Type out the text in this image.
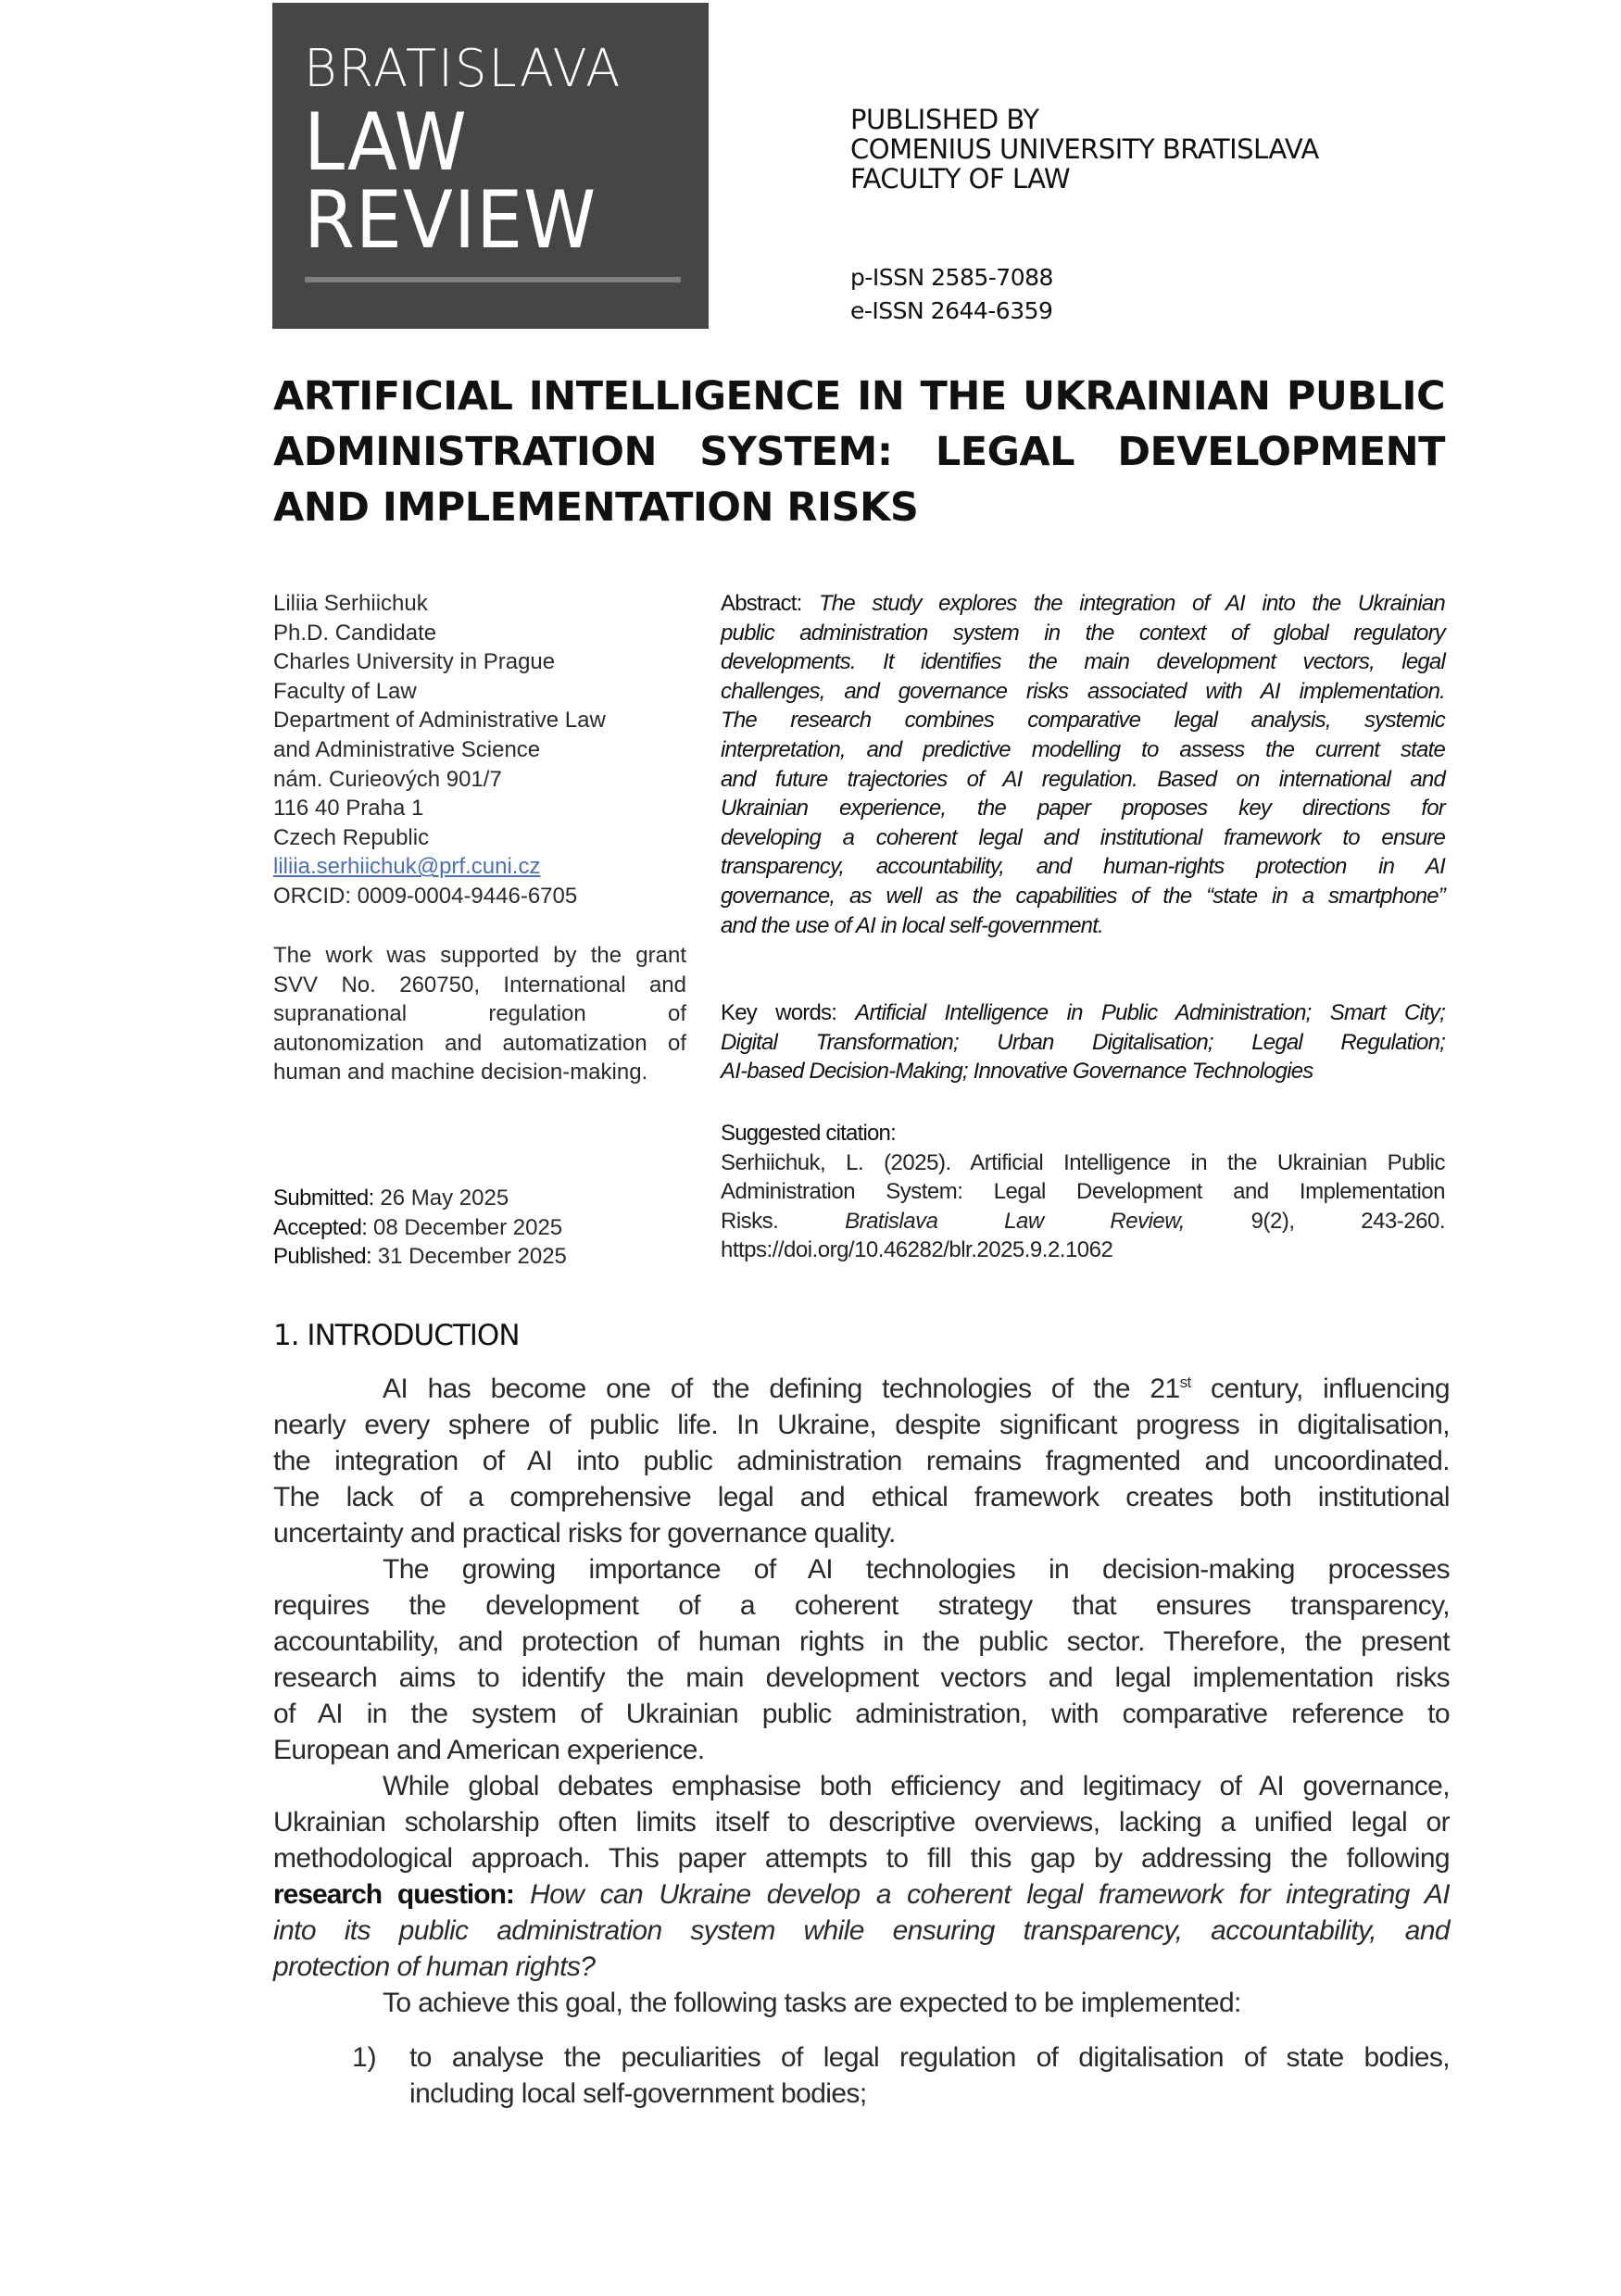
BRATISLAVA
LAW
REVIEW
PUBLISHED BY
COMENIUS UNIVERSITY BRATISLAVA
FACULTY OF LAW
p-ISSN 2585-7088
e-ISSN 2644-6359
ARTIFICIAL INTELLIGENCE IN THE UKRAINIAN PUBLIC
ADMINISTRATION SYSTEM: LEGAL DEVELOPMENT
AND IMPLEMENTATION RISKS
Liliia Serhiichuk
Ph.D. Candidate
Charles University in Prague
Faculty of Law
Department of Administrative Law
and Administrative Science
nám. Curieových 901/7
116 40 Praha 1
Czech Republic
liliia.serhiichuk@prf.cuni.cz
ORCID: 0009-0004-9446-6705
The work was supported by the grant
SVV No. 260750, International and
supranational regulation of
autonomization and automatization of
human and machine decision-making.
Submitted: 26 May 2025
Accepted: 08 December 2025
Published: 31 December 2025
Abstract: The study explores the integration of AI into the Ukrainian
public administration system in the context of global regulatory
developments. It identifies the main development vectors, legal
challenges, and governance risks associated with AI implementation.
The research combines comparative legal analysis, systemic
interpretation, and predictive modelling to assess the current state
and future trajectories of AI regulation. Based on international and
Ukrainian experience, the paper proposes key directions for
developing a coherent legal and institutional framework to ensure
transparency, accountability, and human-rights protection in AI
governance, as well as the capabilities of the “state in a smartphone”
and the use of AI in local self-government.
Key words: Artificial Intelligence in Public Administration; Smart City;
Digital Transformation; Urban Digitalisation; Legal Regulation;
AI-based Decision-Making; Innovative Governance Technologies
Suggested citation:
Serhiichuk, L. (2025). Artificial Intelligence in the Ukrainian Public
Administration System: Legal Development and Implementation
Risks.	Bratislava Law Review,	9(2),	243-260.
https://doi.org/10.46282/blr.2025.9.2.1062
1. INTRODUCTION
AI has become one of the defining technologies of the 21st century, influencing
nearly every sphere of public life. In Ukraine, despite significant progress in digitalisation,
the integration of AI into public administration remains fragmented and uncoordinated.
The lack of a comprehensive legal and ethical framework creates both institutional
uncertainty and practical risks for governance quality.
The growing importance of AI technologies in decision-making processes
requires the development of a coherent strategy that ensures transparency,
accountability, and protection of human rights in the public sector. Therefore, the present
research aims to identify the main development vectors and legal implementation risks
of AI in the system of Ukrainian public administration, with comparative reference to
European and American experience.
While global debates emphasise both efficiency and legitimacy of AI governance,
Ukrainian scholarship often limits itself to descriptive overviews, lacking a unified legal or
methodological approach. This paper attempts to fill this gap by addressing the following
research question: How can Ukraine develop a coherent legal framework for integrating AI
into its public administration system while ensuring transparency, accountability, and
protection of human rights?
To achieve this goal, the following tasks are expected to be implemented:
1) to analyse the peculiarities of legal regulation of digitalisation of state bodies,
including local self-government bodies;
